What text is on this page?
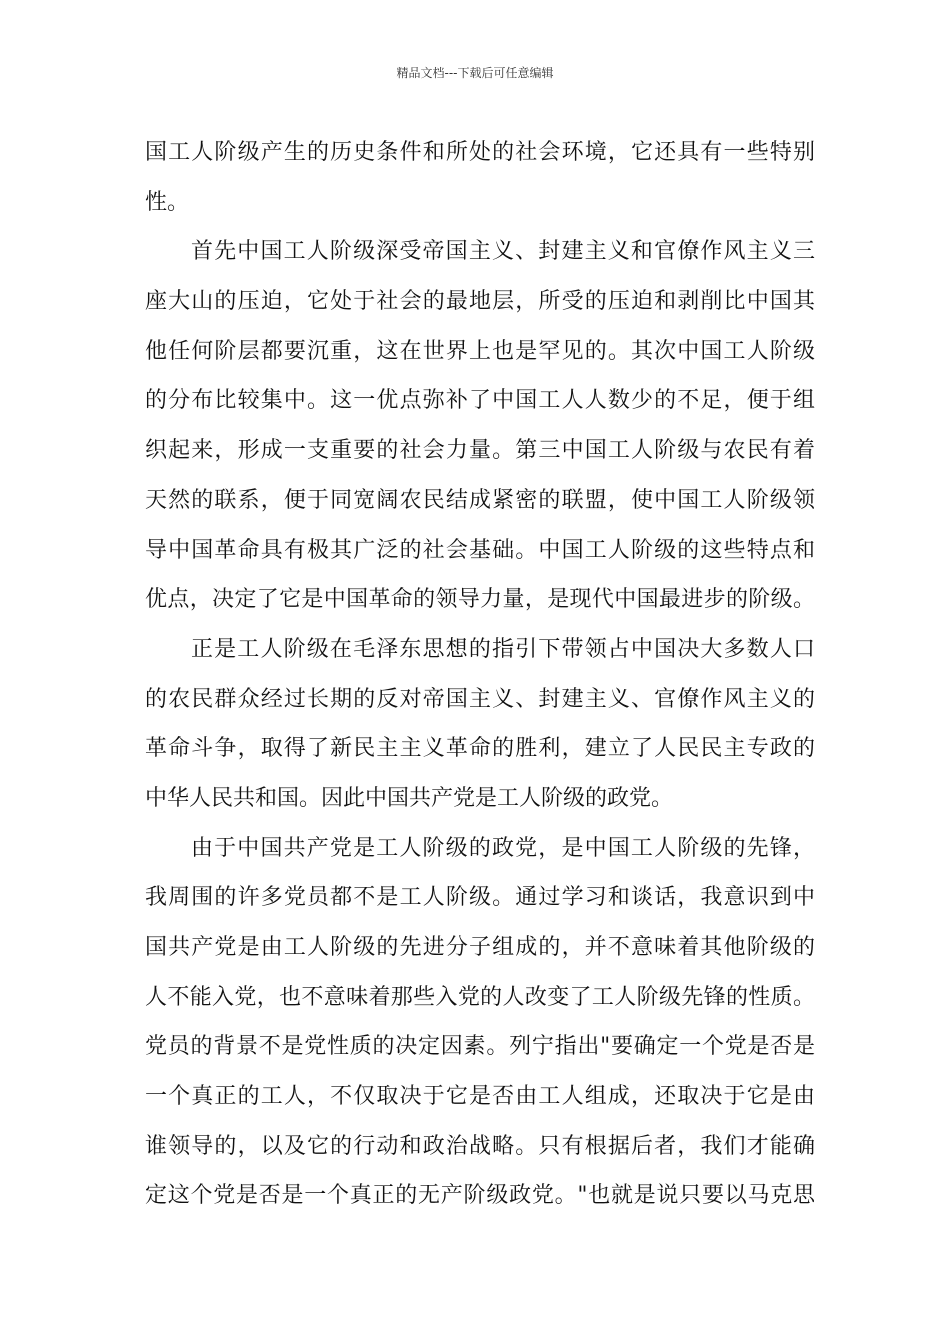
精品文档---下载后可任意编辑
国工人阶级产生的历史条件和所处的社会环境，它还具有一些特别
性。
首先中国工人阶级深受帝国主义、封建主义和官僚作风主义三
座大山的压迫，它处于社会的最地层，所受的压迫和剥削比中国其
他任何阶层都要沉重，这在世界上也是罕见的。其次中国工人阶级
的分布比较集中。这一优点弥补了中国工人人数少的不足，便于组
织起来，形成一支重要的社会力量。第三中国工人阶级与农民有着
天然的联系，便于同宽阔农民结成紧密的联盟，使中国工人阶级领
导中国革命具有极其广泛的社会基础。中国工人阶级的这些特点和
优点，决定了它是中国革命的领导力量，是现代中国最进步的阶级。
正是工人阶级在毛泽东思想的指引下带领占中国决大多数人口
的农民群众经过长期的反对帝国主义、封建主义、官僚作风主义的
革命斗争，取得了新民主主义革命的胜利，建立了人民民主专政的
中华人民共和国。因此中国共产党是工人阶级的政党。
由于中国共产党是工人阶级的政党，是中国工人阶级的先锋，
我周围的许多党员都不是工人阶级。通过学习和谈话，我意识到中
国共产党是由工人阶级的先进分子组成的，并不意味着其他阶级的
人不能入党，也不意味着那些入党的人改变了工人阶级先锋的性质。
党员的背景不是党性质的决定因素。列宁指出"要确定一个党是否是
一个真正的工人，不仅取决于它是否由工人组成，还取决于它是由
谁领导的，以及它的行动和政治战略。只有根据后者，我们才能确
定这个党是否是一个真正的无产阶级政党。"也就是说只要以马克思
